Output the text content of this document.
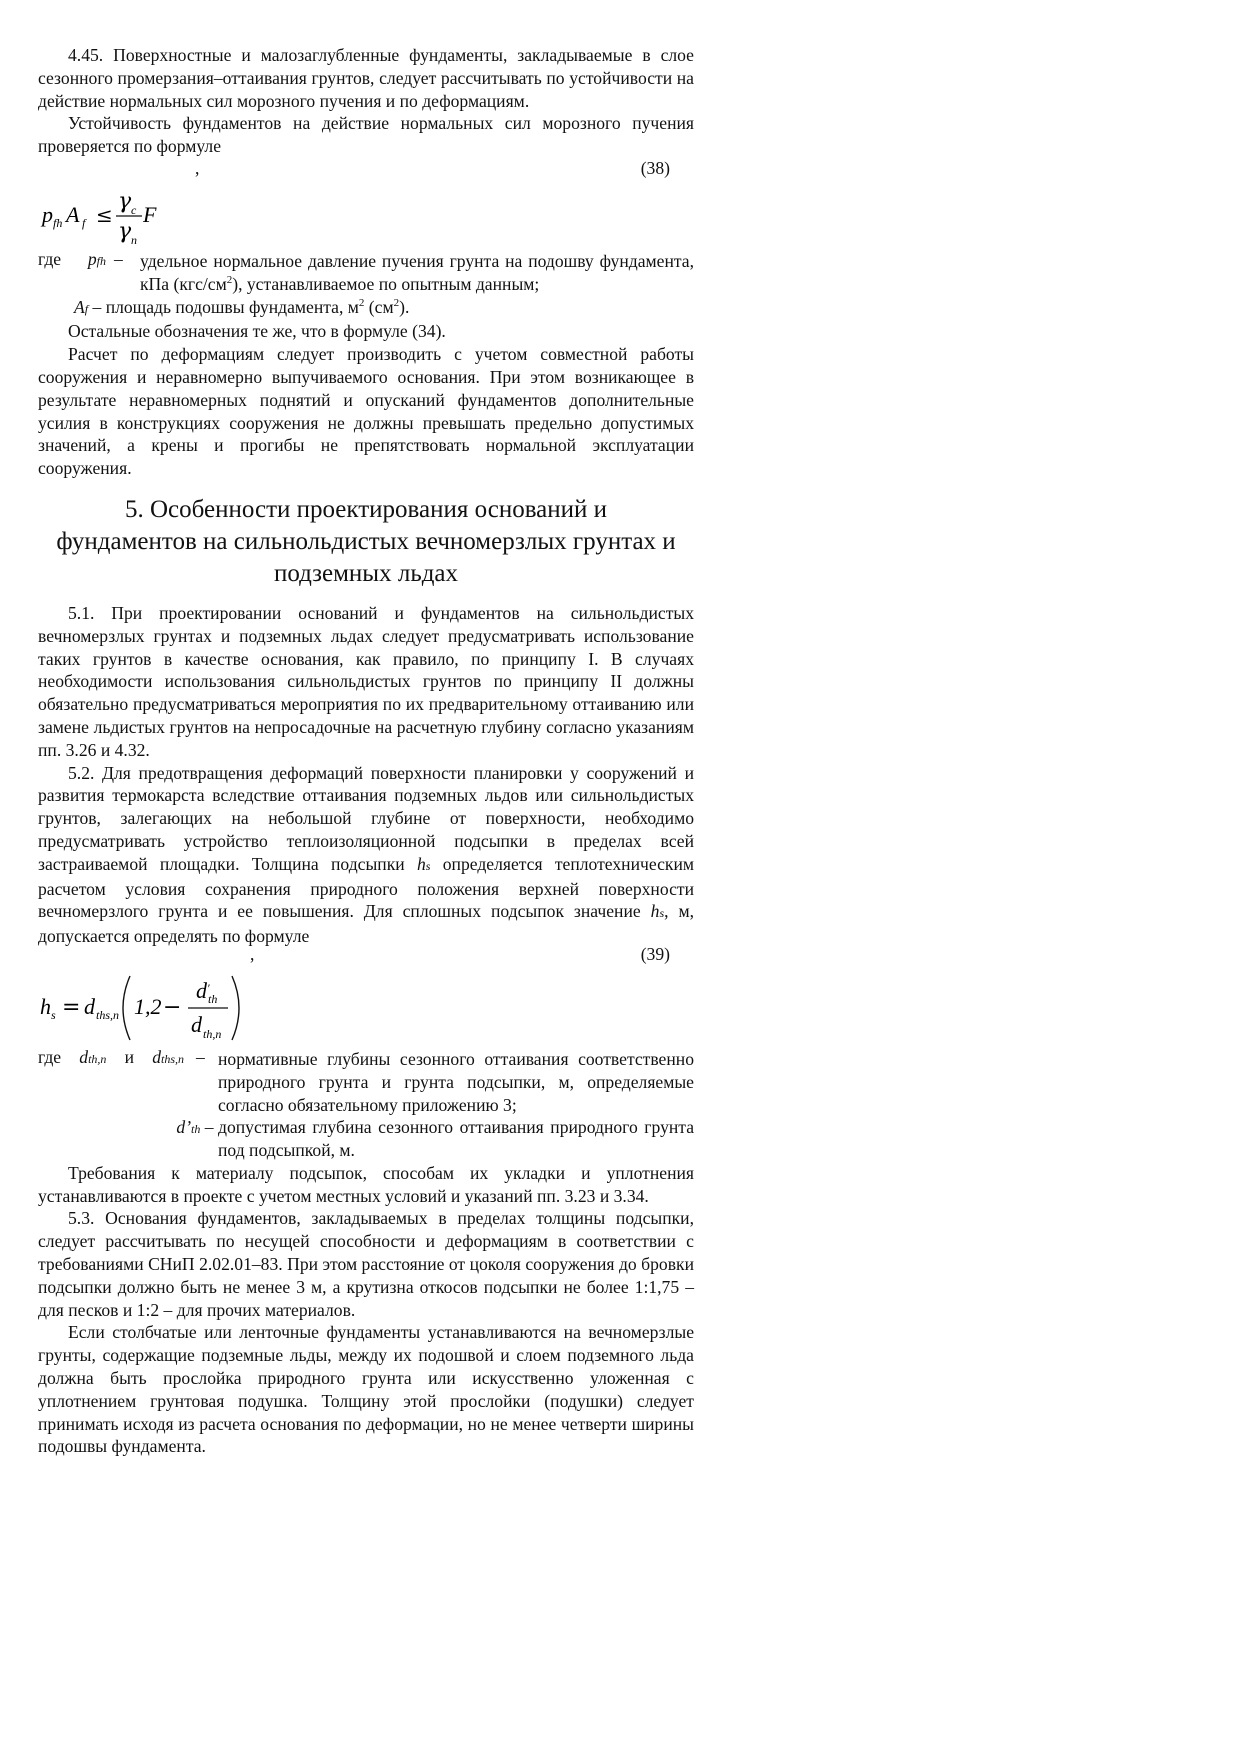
4.45. Поверхностные и малозаглубленные фундаменты, закладываемые в слое сезонного промерзания–оттаивания грунтов, следует рассчитывать по устойчивости на действие нормальных сил морозного пучения и по деформациям.

Устойчивость фундаментов на действие нормальных сил морозного пучения проверяется по формуле

,	(38)
p fh A f ≤
γ c
γ n
F
где pfh – удельное нормальное давление пучения грунта на подошву фундамента, кПа $(кгс/см^2)$, устанавливаемое по опытным данным;

Af – площадь подошвы фундамента, $м^2$ $(см^2)$.

Остальные обозначения те же, что в формуле (34).

Расчет по деформациям следует производить с учетом совместной работы сооружения и неравномерно выпучиваемого основания. При этом возникающее в результате неравномерных поднятий и опусканий фундаментов дополнительные усилия в конструкциях сооружения не должны превышать предельно допустимых значений, а крены и прогибы не препятствовать нормальной эксплуатации сооружения.

5. Особенности проектирования оснований и фундаментов на сильнольдистых вечномерзлых грунтах и подземных льдах

5.1. При проектировании оснований и фундаментов на сильнольдистых вечномерзлых грунтах и подземных льдах следует предусматривать использование таких грунтов в качестве основания, как правило, по принципу I. В случаях необходимости использования сильнольдистых грунтов по принципу II должны обязательно предусматриваться мероприятия по их предварительному оттаиванию или замене льдистых грунтов на непросадочные на расчетную глубину согласно указаниям пп. 3.26 и 4.32.

5.2. Для предотвращения деформаций поверхности планировки у сооружений и развития термокарста вследствие оттаивания подземных льдов или сильнольдистых грунтов, залегающих на небольшой глубине от поверхности, необходимо предусматривать устройство теплоизоляционной подсыпки в пределах всей застраиваемой площадки. Толщина подсыпки hs определяется теплотехническим расчетом условия сохранения природного положения верхней поверхности вечномерзлого грунта и ее повышения. Для сплошных подсыпок значение hs, м, допускается определять по формуле

,	(39)
h s = d ths,n 1,2 −
d ′
th
d th,n
где dth,n и dths,n – нормативные глубины сезонного оттаивания соответственно природного грунта и грунта подсыпки, м, определяемые согласно обязательному приложению 3;

d’th – допустимая глубина сезонного оттаивания природного грунта под подсыпкой, м.

Требования к материалу подсыпок, способам их укладки и уплотнения устанавливаются в проекте с учетом местных условий и указаний пп. 3.23 и 3.34.

5.3. Основания фундаментов, закладываемых в пределах толщины подсыпки, следует рассчитывать по несущей способности и деформациям в соответствии с требованиями СНиП 2.02.01–83. При этом расстояние от цоколя сооружения до бровки подсыпки должно быть не менее 3 м, а крутизна откосов подсыпки не более 1:1,75 – для песков и 1:2 – для прочих материалов.

Если столбчатые или ленточные фундаменты устанавливаются на вечномерзлые грунты, содержащие подземные льды, между их подошвой и слоем подземного льда должна быть прослойка природного грунта или искусственно уложенная с уплотнением грунтовая подушка. Толщину этой прослойки (подушки) следует принимать исходя из расчета основания по деформации, но не менее четверти ширины подошвы фундамента.
